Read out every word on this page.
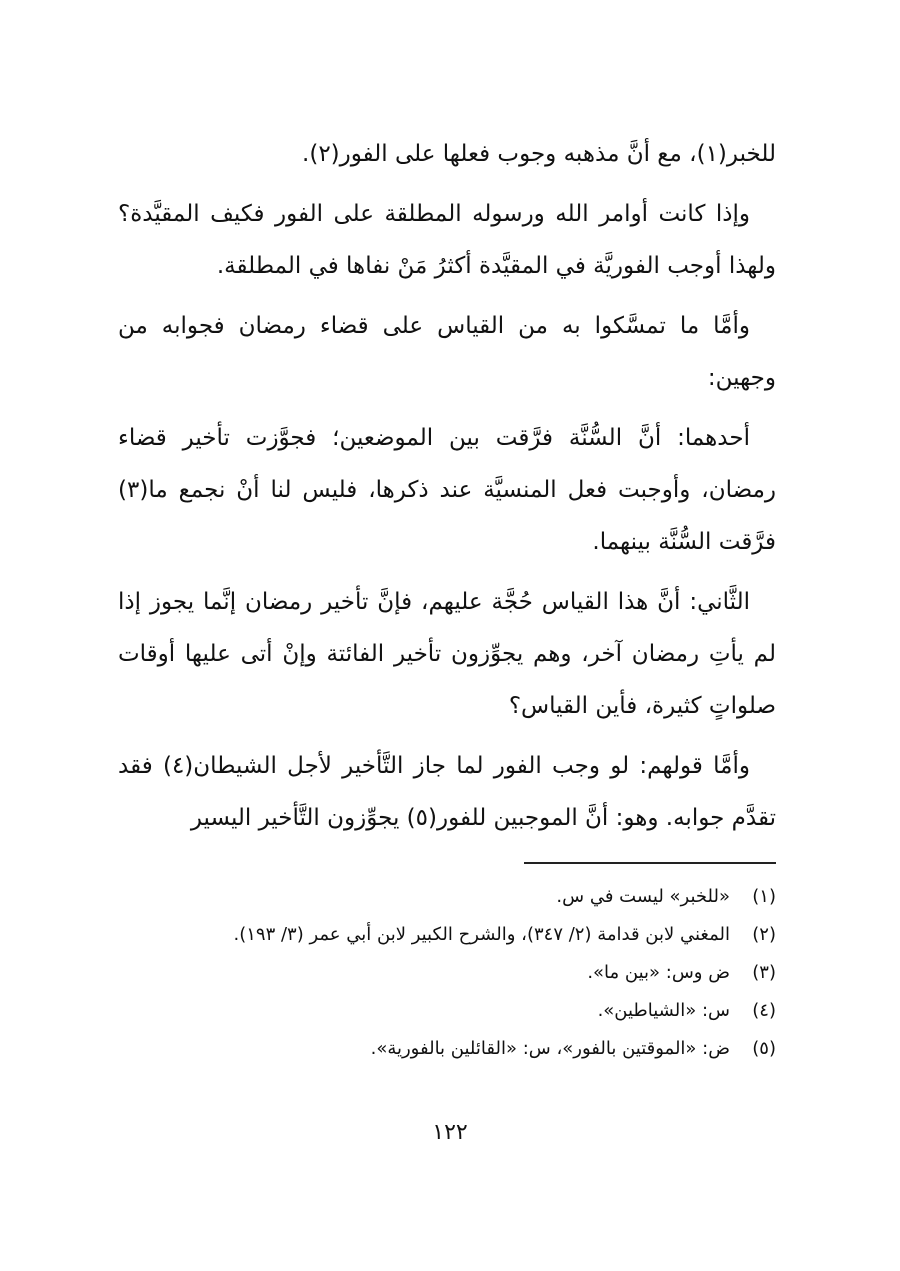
للخبر(١)، مع أنَّ مذهبه وجوب فعلها على الفور(٢).

وإذا كانت أوامر الله ورسوله المطلقة على الفور فكيف المقيَّدة؟ ولهذا أوجب الفوريَّة في المقيَّدة أكثرُ مَنْ نفاها في المطلقة.

وأمَّا ما تمسَّكوا به من القياس على قضاء رمضان فجوابه من وجهين:

أحدهما: أنَّ السُّنَّة فرَّقت بين الموضعين؛ فجوَّزت تأخير قضاء رمضان، وأوجبت فعل المنسيَّة عند ذكرها، فليس لنا أنْ نجمع ما(٣) فرَّقت السُّنَّة بينهما.

الثَّاني: أنَّ هذا القياس حُجَّة عليهم، فإنَّ تأخير رمضان إنَّما يجوز إذا لم يأتِ رمضان آخر، وهم يجوِّزون تأخير الفائتة وإنْ أتى عليها أوقات صلواتٍ كثيرة، فأين القياس؟

وأمَّا قولهم: لو وجب الفور لما جاز التَّأخير لأجل الشيطان(٤) فقد تقدَّم جوابه. وهو: أنَّ الموجبين للفور(٥) يجوِّزون التَّأخير اليسير

(١)
«للخبر» ليست في س.
(٢)
المغني لابن قدامة (٢/ ٣٤٧)، والشرح الكبير لابن أبي عمر (٣/ ١٩٣).
(٣)
ض وس: «بين ما».
(٤)
س: «الشياطين».
(٥)
ض: «الموقتين بالفور»، س: «القائلين بالفورية».
١٢٢
